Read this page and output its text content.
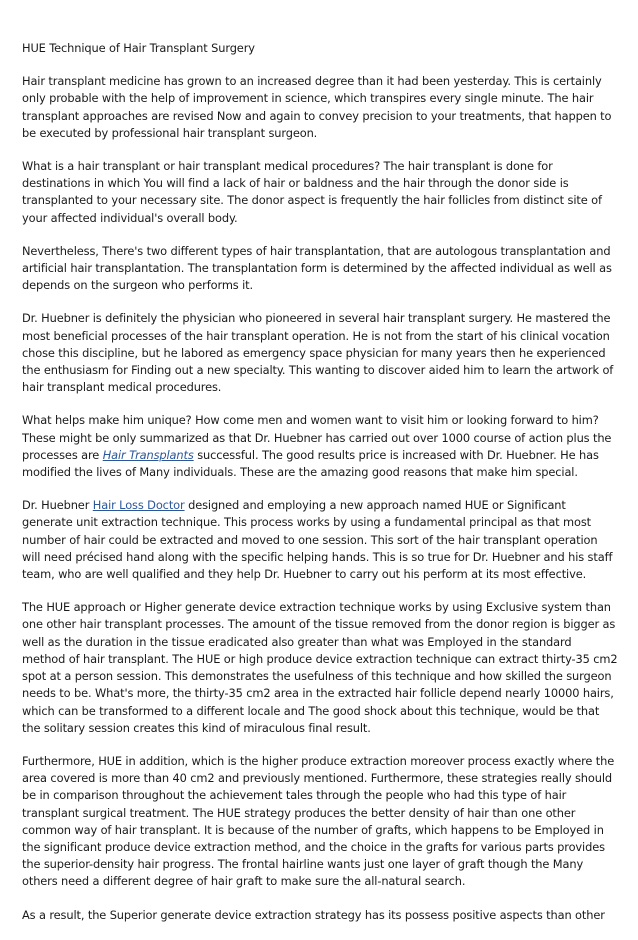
HUE Technique of Hair Transplant Surgery

Hair transplant medicine has grown to an increased degree than it had been yesterday. This is certainly only probable with the help of improvement in science, which transpires every single minute. The hair transplant approaches are revised Now and again to convey precision to your treatments, that happen to be executed by professional hair transplant surgeon.

What is a hair transplant or hair transplant medical procedures? The hair transplant is done for destinations in which You will find a lack of hair or baldness and the hair through the donor side is transplanted to your necessary site. The donor aspect is frequently the hair follicles from distinct site of your affected individual's overall body.

Nevertheless, There's two different types of hair transplantation, that are autologous transplantation and artificial hair transplantation. The transplantation form is determined by the affected individual as well as depends on the surgeon who performs it.

Dr. Huebner is definitely the physician who pioneered in several hair transplant surgery. He mastered the most beneficial processes of the hair transplant operation. He is not from the start of his clinical vocation chose this discipline, but he labored as emergency space physician for many years then he experienced the enthusiasm for Finding out a new specialty. This wanting to discover aided him to learn the artwork of hair transplant medical procedures.

What helps make him unique? How come men and women want to visit him or looking forward to him? These might be only summarized as that Dr. Huebner has carried out over 1000 course of action plus the processes are Hair Transplants successful. The good results price is increased with Dr. Huebner. He has modified the lives of Many individuals. These are the amazing good reasons that make him special.

Dr. Huebner Hair Loss Doctor designed and employing a new approach named HUE or Significant generate unit extraction technique. This process works by using a fundamental principal as that most number of hair could be extracted and moved to one session. This sort of the hair transplant operation will need précised hand along with the specific helping hands. This is so true for Dr. Huebner and his staff team, who are well qualified and they help Dr. Huebner to carry out his perform at its most effective.

The HUE approach or Higher generate device extraction technique works by using Exclusive system than one other hair transplant processes. The amount of the tissue removed from the donor region is bigger as well as the duration in the tissue eradicated also greater than what was Employed in the standard method of hair transplant. The HUE or high produce device extraction technique can extract thirty-35 cm2 spot at a person session. This demonstrates the usefulness of this technique and how skilled the surgeon needs to be. What's more, the thirty-35 cm2 area in the extracted hair follicle depend nearly 10000 hairs, which can be transformed to a different locale and The good shock about this technique, would be that the solitary session creates this kind of miraculous final result.

Furthermore, HUE in addition, which is the higher produce extraction moreover process exactly where the area covered is more than 40 cm2 and previously mentioned. Furthermore, these strategies really should be in comparison throughout the achievement tales through the people who had this type of hair transplant surgical treatment. The HUE strategy produces the better density of hair than one other common way of hair transplant. It is because of the number of grafts, which happens to be Employed in the significant produce device extraction method, and the choice in the grafts for various parts provides the superior-density hair progress. The frontal hairline wants just one layer of graft though the Many others need a different degree of hair graft to make sure the all-natural search.

As a result, the Superior generate device extraction strategy has its possess positive aspects than other
